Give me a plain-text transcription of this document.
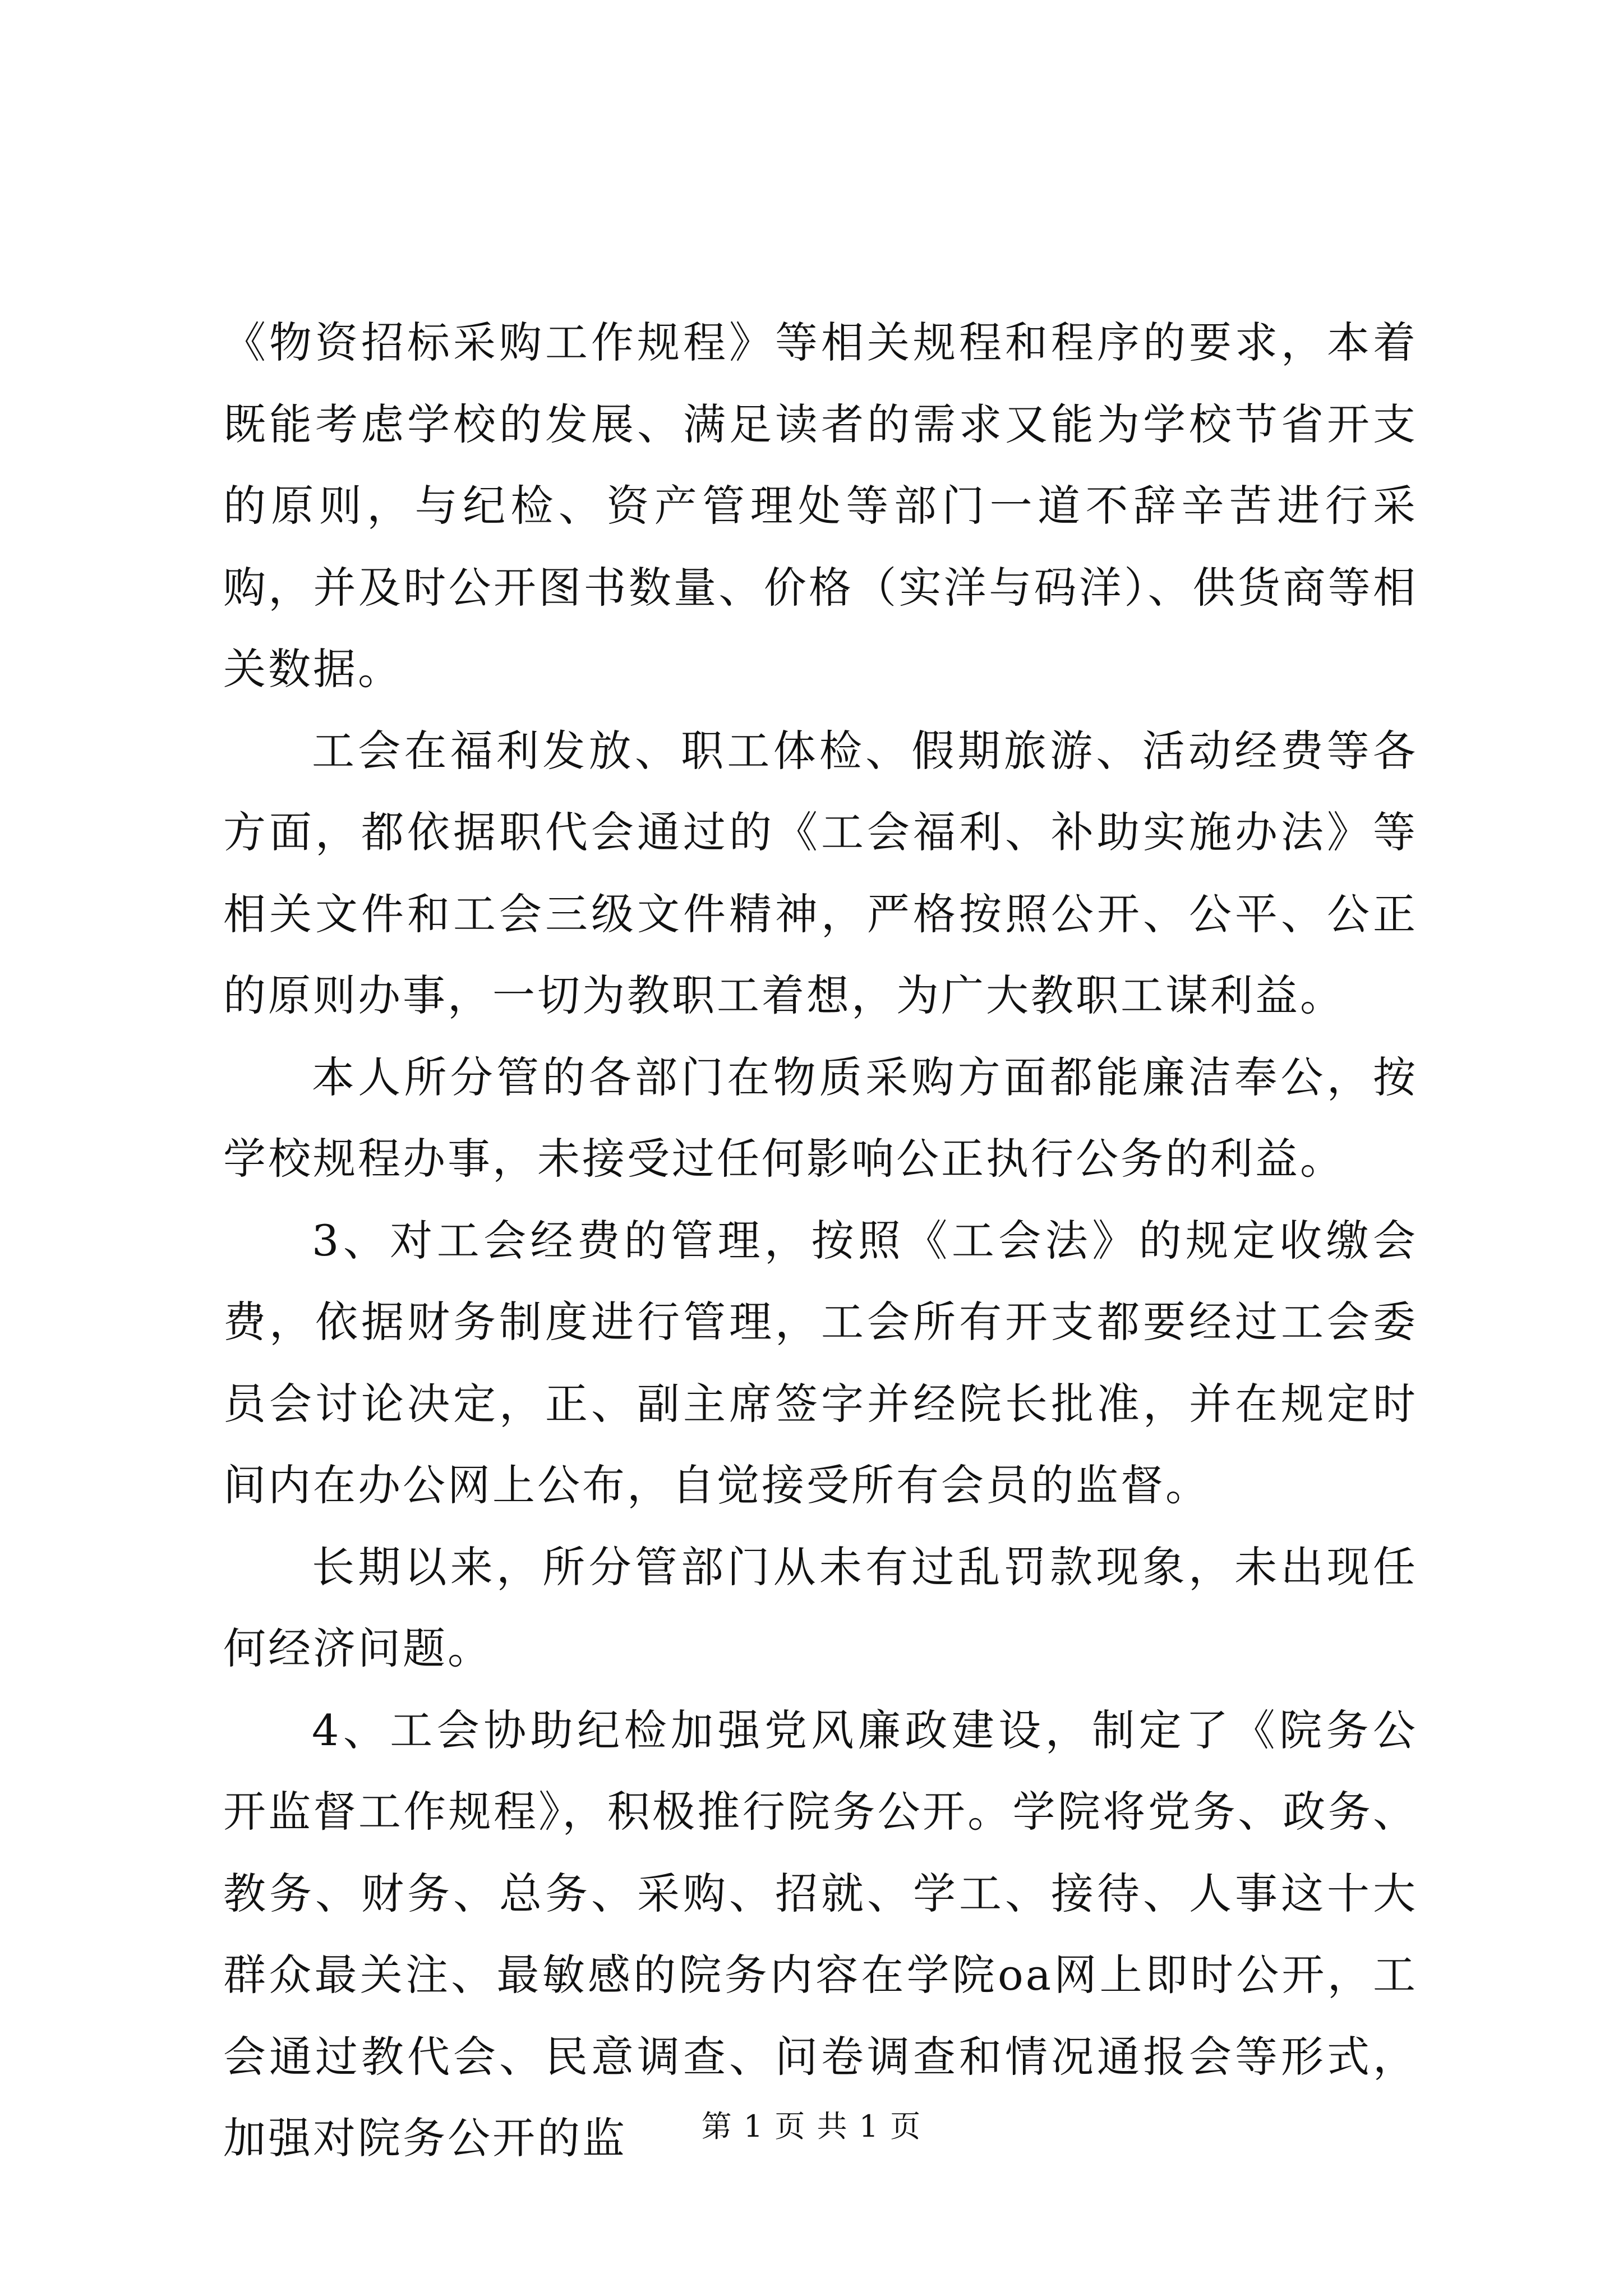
《物资招标采购工作规程》等相关规程和程序的要求，本着既能考虑学校的发展、满足读者的需求又能为学校节省开支的原则，与纪检、资产管理处等部门一道不辞辛苦进行采购，并及时公开图书数量、价格（实洋与码洋）、供货商等相关数据。

工会在福利发放、职工体检、假期旅游、活动经费等各方面，都依据职代会通过的《工会福利、补助实施办法》等相关文件和工会三级文件精神，严格按照公开、公平、公正的原则办事，一切为教职工着想，为广大教职工谋利益。

本人所分管的各部门在物质采购方面都能廉洁奉公，按学校规程办事，未接受过任何影响公正执行公务的利益。

3、对工会经费的管理，按照《工会法》的规定收缴会费，依据财务制度进行管理，工会所有开支都要经过工会委员会讨论决定，正、副主席签字并经院长批准，并在规定时间内在办公网上公布，自觉接受所有会员的监督。

长期以来，所分管部门从未有过乱罚款现象，未出现任何经济问题。

4、工会协助纪检加强党风廉政建设，制定了《院务公开监督工作规程》，积极推行院务公开。学院将党务、政务、教务、财务、总务、采购、招就、学工、接待、人事这十大群众最关注、最敏感的院务内容在学院oa网上即时公开，工会通过教代会、民意调查、问卷调查和情况通报会等形式，加强对院务公开的监	第 1 页 共 1 页
